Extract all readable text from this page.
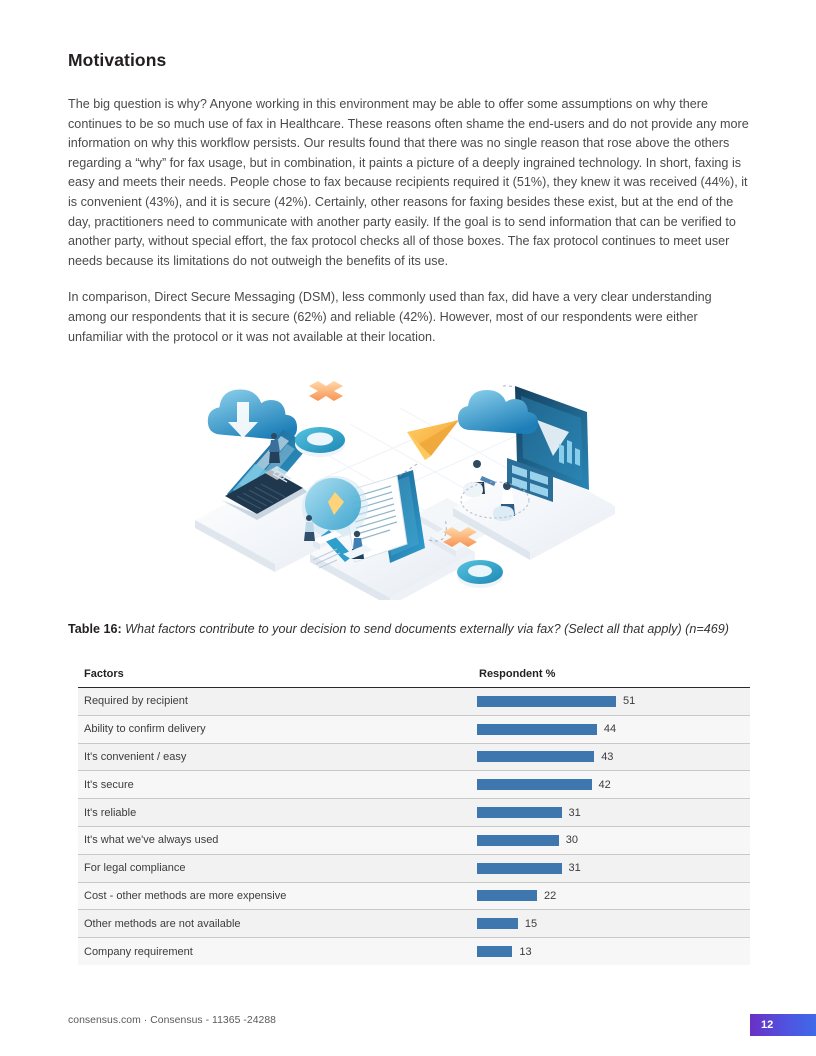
Motivations

The big question is why? Anyone working in this environment may be able to offer some assumptions on why there continues to be so much use of fax in Healthcare. These reasons often shame the end-users and do not provide any more information on why this workflow persists. Our results found that there was no single reason that rose above the others regarding a “why” for fax usage, but in combination, it paints a picture of a deeply ingrained technology. In short, faxing is easy and meets their needs. People chose to fax because recipients required it (51%), they knew it was received (44%), it is convenient (43%), and it is secure (42%). Certainly, other reasons for faxing besides these exist, but at the end of the day, practitioners need to communicate with another party easily. If the goal is to send information that can be verified to another party, without special effort, the fax protocol checks all of those boxes. The fax protocol continues to meet user needs because its limitations do not outweigh the benefits of its use.

In comparison, Direct Secure Messaging (DSM), less commonly used than fax, did have a very clear understanding among our respondents that it is secure (62%) and reliable (42%). However, most of our respondents were either unfamiliar with the protocol or it was not available at their location.

Table 16: What factors contribute to your decision to send documents externally via fax? (Select all that apply) (n=469)
Factors	Respondent %
Required by recipient	51
Ability to confirm delivery	44
It's convenient / easy	43
It's secure	42
It's reliable	31
It's what we've always used	30
For legal compliance	31
Cost - other methods are more expensive	22
Other methods are not available	15
Company requirement	13
consensus.com · Consensus - 11365 -24288	12
